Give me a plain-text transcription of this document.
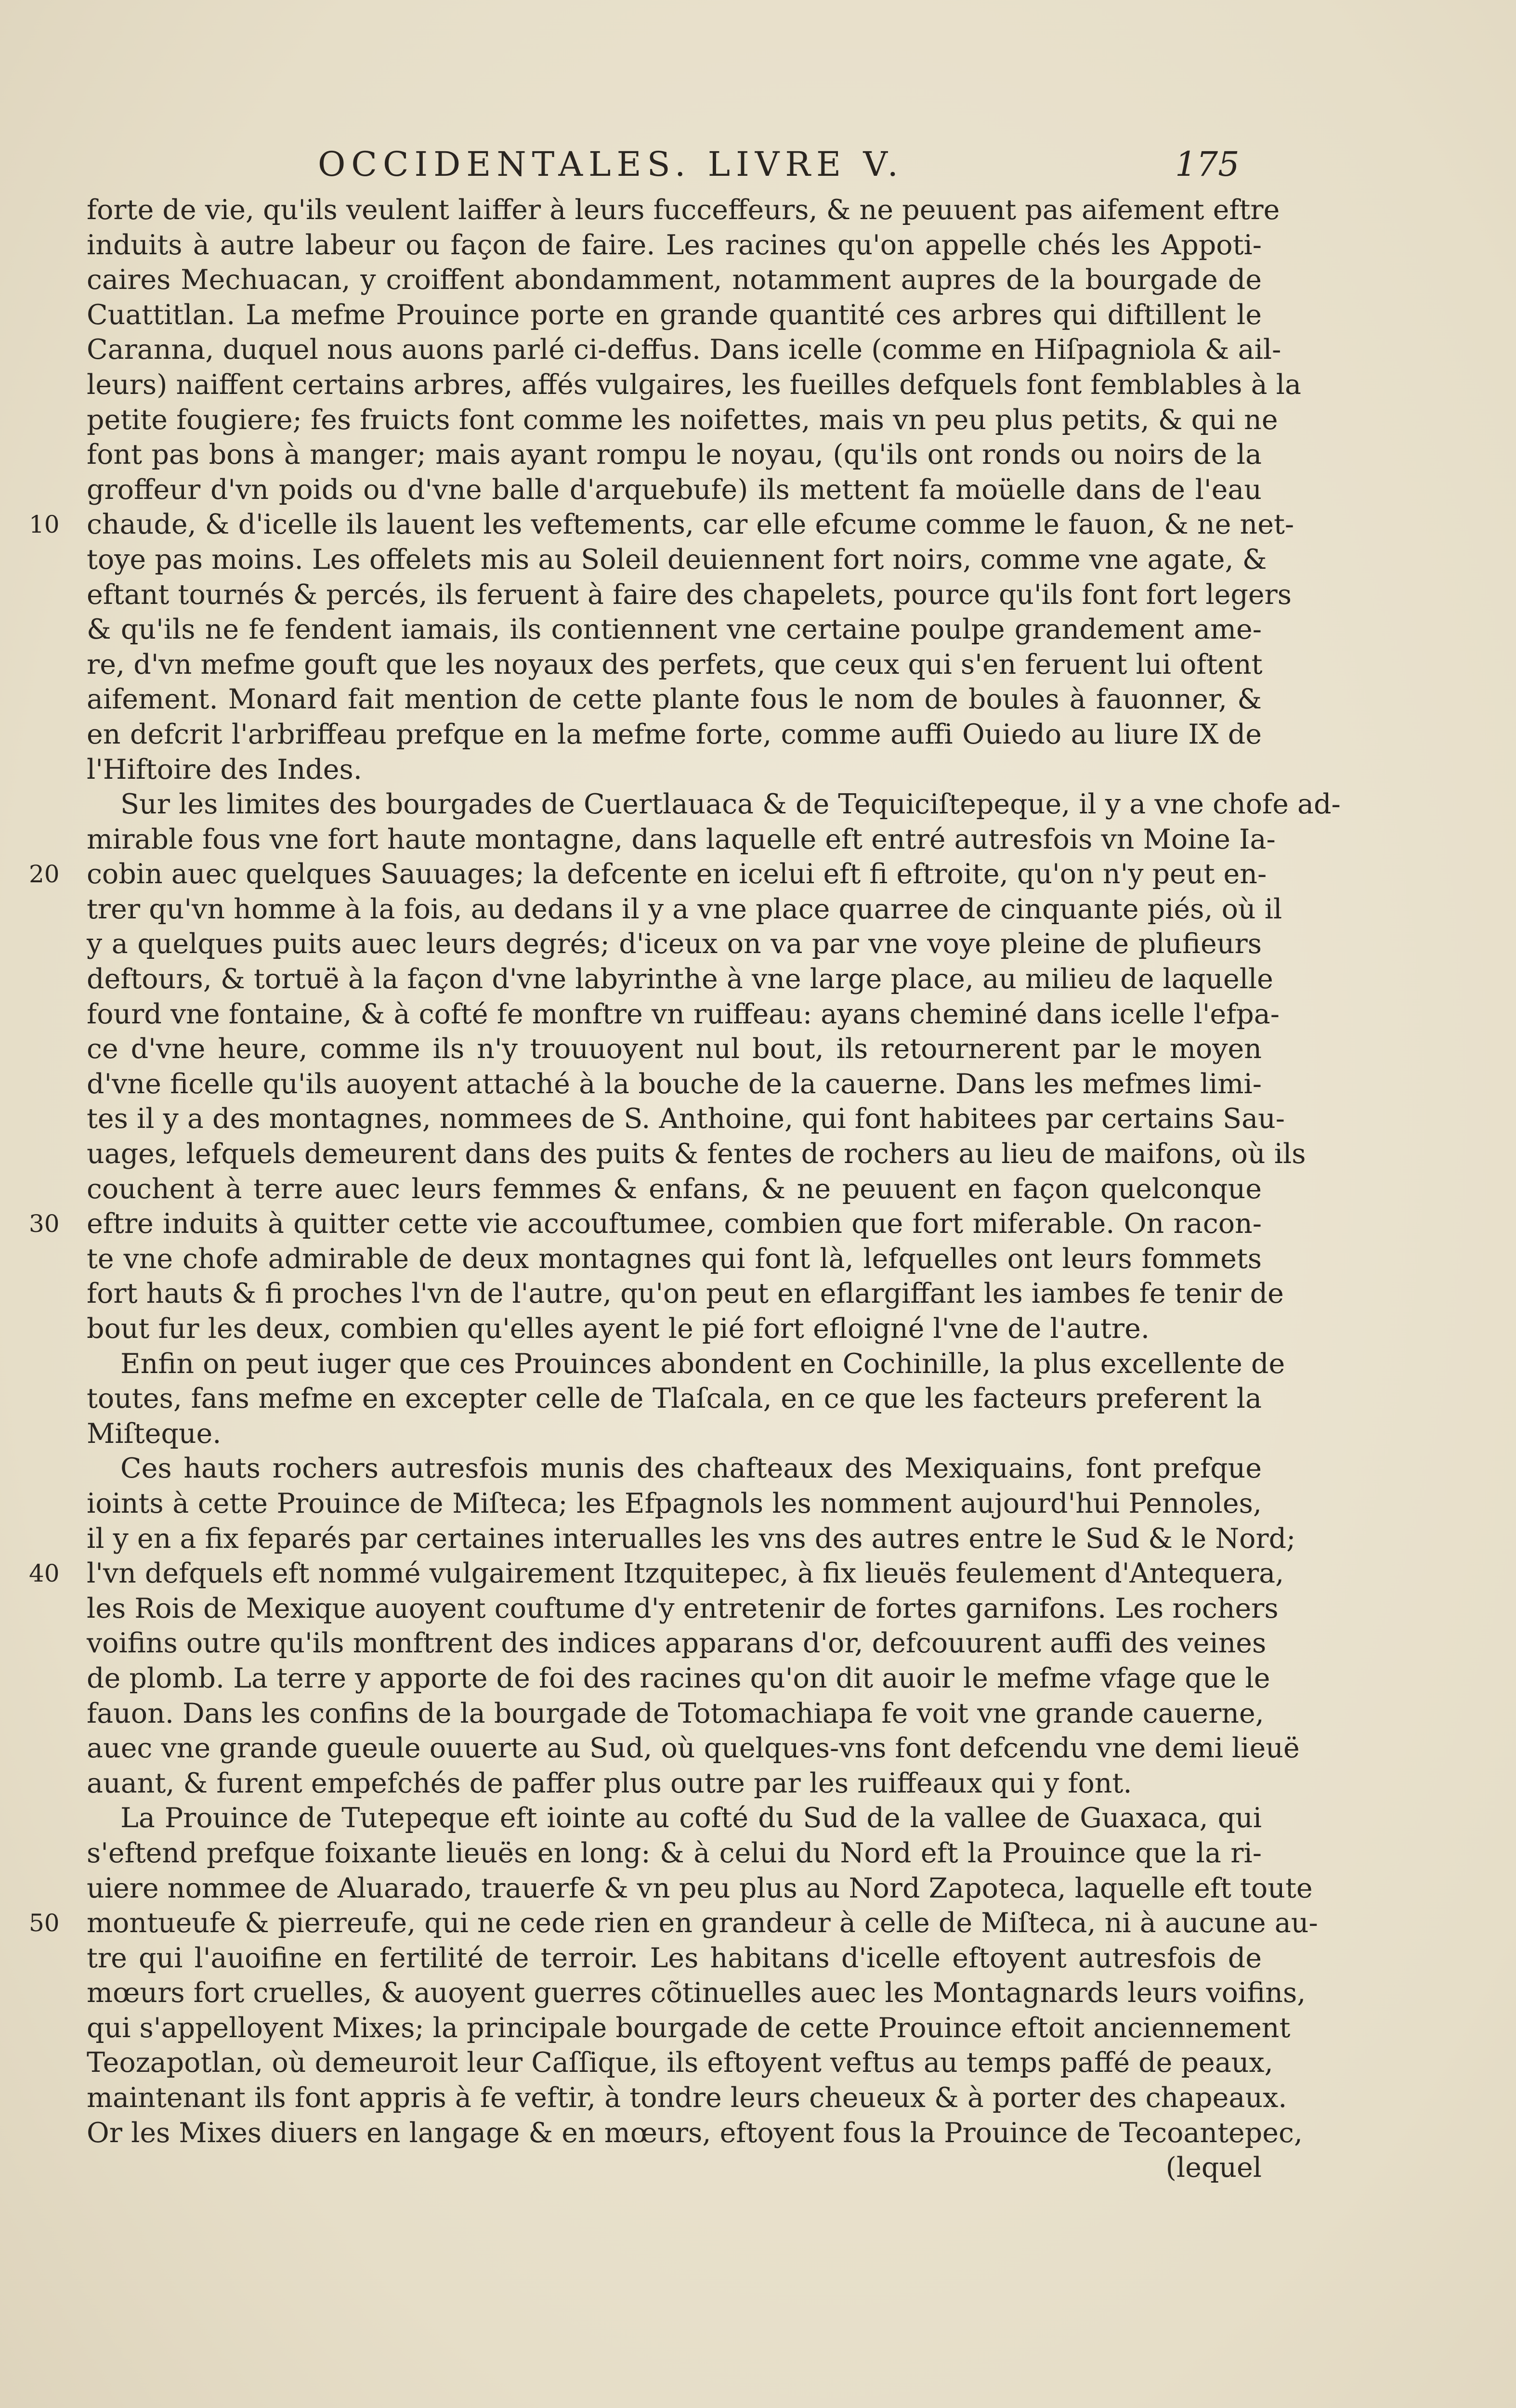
OCCIDENTALES. LIVRE V.	175
forte de vie, qu'ils veulent laiffer à leurs fucceffeurs, & ne peuuent pas aifement eftre
induits à autre labeur ou façon de faire. Les racines qu'on appelle chés les Appoti-
caires Mechuacan, y croiffent abondamment, notamment aupres de la bourgade de
Cuattitlan. La mefme Prouince porte en grande quantité ces arbres qui diftillent le
Caranna, duquel nous auons parlé ci-deffus. Dans icelle (comme en Hiſpagniola & ail-
leurs) naiffent certains arbres, affés vulgaires, les fueilles defquels font femblables à la
petite fougiere; fes fruicts font comme les noifettes, mais vn peu plus petits, & qui ne
font pas bons à manger; mais ayant rompu le noyau, (qu'ils ont ronds ou noirs de la
groffeur d'vn poids ou d'vne balle d'arquebufe) ils mettent fa moüelle dans de l'eau
10 chaude, & d'icelle ils lauent les veftements, car elle efcume comme le fauon, & ne net-
toye pas moins. Les offelets mis au Soleil deuiennent fort noirs, comme vne agate, &
eftant tournés & percés, ils feruent à faire des chapelets, pource qu'ils font fort legers
& qu'ils ne fe fendent iamais, ils contiennent vne certaine poulpe grandement ame-
re, d'vn mefme gouft que les noyaux des perfets, que ceux qui s'en feruent lui oftent
aifement. Monard fait mention de cette plante fous le nom de boules à fauonner, &
en defcrit l'arbriffeau prefque en la mefme forte, comme auffi Ouiedo au liure IX de
l'Hiftoire des Indes.
Sur les limites des bourgades de Cuertlauaca & de Tequiciſtepeque, il y a vne chofe ad-
mirable fous vne fort haute montagne, dans laquelle eft entré autresfois vn Moine Ia-
20 cobin auec quelques Sauuages; la defcente en icelui eft fi eftroite, qu'on n'y peut en-
trer qu'vn homme à la fois, au dedans il y a vne place quarree de cinquante piés, où il
y a quelques puits auec leurs degrés; d'iceux on va par vne voye pleine de plufieurs
deftours, & tortuë à la façon d'vne labyrinthe à vne large place, au milieu de laquelle
fourd vne fontaine, & à cofté fe monftre vn ruiffeau: ayans cheminé dans icelle l'efpa-
ce d'vne heure, comme ils n'y trouuoyent nul bout, ils retournerent par le moyen
d'vne ficelle qu'ils auoyent attaché à la bouche de la cauerne. Dans les mefmes limi-
tes il y a des montagnes, nommees de S. Anthoine, qui font habitees par certains Sau-
uages, lefquels demeurent dans des puits & fentes de rochers au lieu de maifons, où ils
couchent à terre auec leurs femmes & enfans, & ne peuuent en façon quelconque
30 eftre induits à quitter cette vie accouftumee, combien que fort miferable. On racon-
te vne chofe admirable de deux montagnes qui font là, lefquelles ont leurs fommets
fort hauts & fi proches l'vn de l'autre, qu'on peut en eflargiffant les iambes fe tenir de
bout fur les deux, combien qu'elles ayent le pié fort efloigné l'vne de l'autre.
Enfin on peut iuger que ces Prouinces abondent en Cochinille, la plus excellente de
toutes, fans mefme en excepter celle de Tlaſcala, en ce que les facteurs preferent la
Miſteque.
Ces hauts rochers autresfois munis des chafteaux des Mexiquains, font prefque
ioints à cette Prouince de Miſteca; les Efpagnols les nomment aujourd'hui Pennoles,
il y en a fix feparés par certaines interualles les vns des autres entre le Sud & le Nord;
40 l'vn defquels eft nommé vulgairement Itzquitepec, à fix lieuës feulement d'Antequera,
les Rois de Mexique auoyent couftume d'y entretenir de fortes garnifons. Les rochers
voifins outre qu'ils monftrent des indices apparans d'or, defcouurent auffi des veines
de plomb. La terre y apporte de foi des racines qu'on dit auoir le mefme vfage que le
fauon. Dans les confins de la bourgade de Totomachiapa fe voit vne grande cauerne,
auec vne grande gueule ouuerte au Sud, où quelques-vns font defcendu vne demi lieuë
auant, & furent empefchés de paffer plus outre par les ruiffeaux qui y font.
La Prouince de Tutepeque eft iointe au cofté du Sud de la vallee de Guaxaca, qui
s'eftend prefque foixante lieuës en long: & à celui du Nord eft la Prouince que la ri-
uiere nommee de Aluarado, trauerfe & vn peu plus au Nord Zapoteca, laquelle eft toute
50 montueufe & pierreufe, qui ne cede rien en grandeur à celle de Miſteca, ni à aucune au-
tre qui l'auoifine en fertilité de terroir. Les habitans d'icelle eftoyent autresfois de
mœurs fort cruelles, & auoyent guerres cõtinuelles auec les Montagnards leurs voifins,
qui s'appelloyent Mixes; la principale bourgade de cette Prouince eftoit anciennement
Teozapotlan, où demeuroit leur Caſſique, ils eftoyent veftus au temps paffé de peaux,
maintenant ils font appris à fe veftir, à tondre leurs cheueux & à porter des chapeaux.
Or les Mixes diuers en langage & en mœurs, eftoyent fous la Prouince de Tecoantepec,
(lequel
